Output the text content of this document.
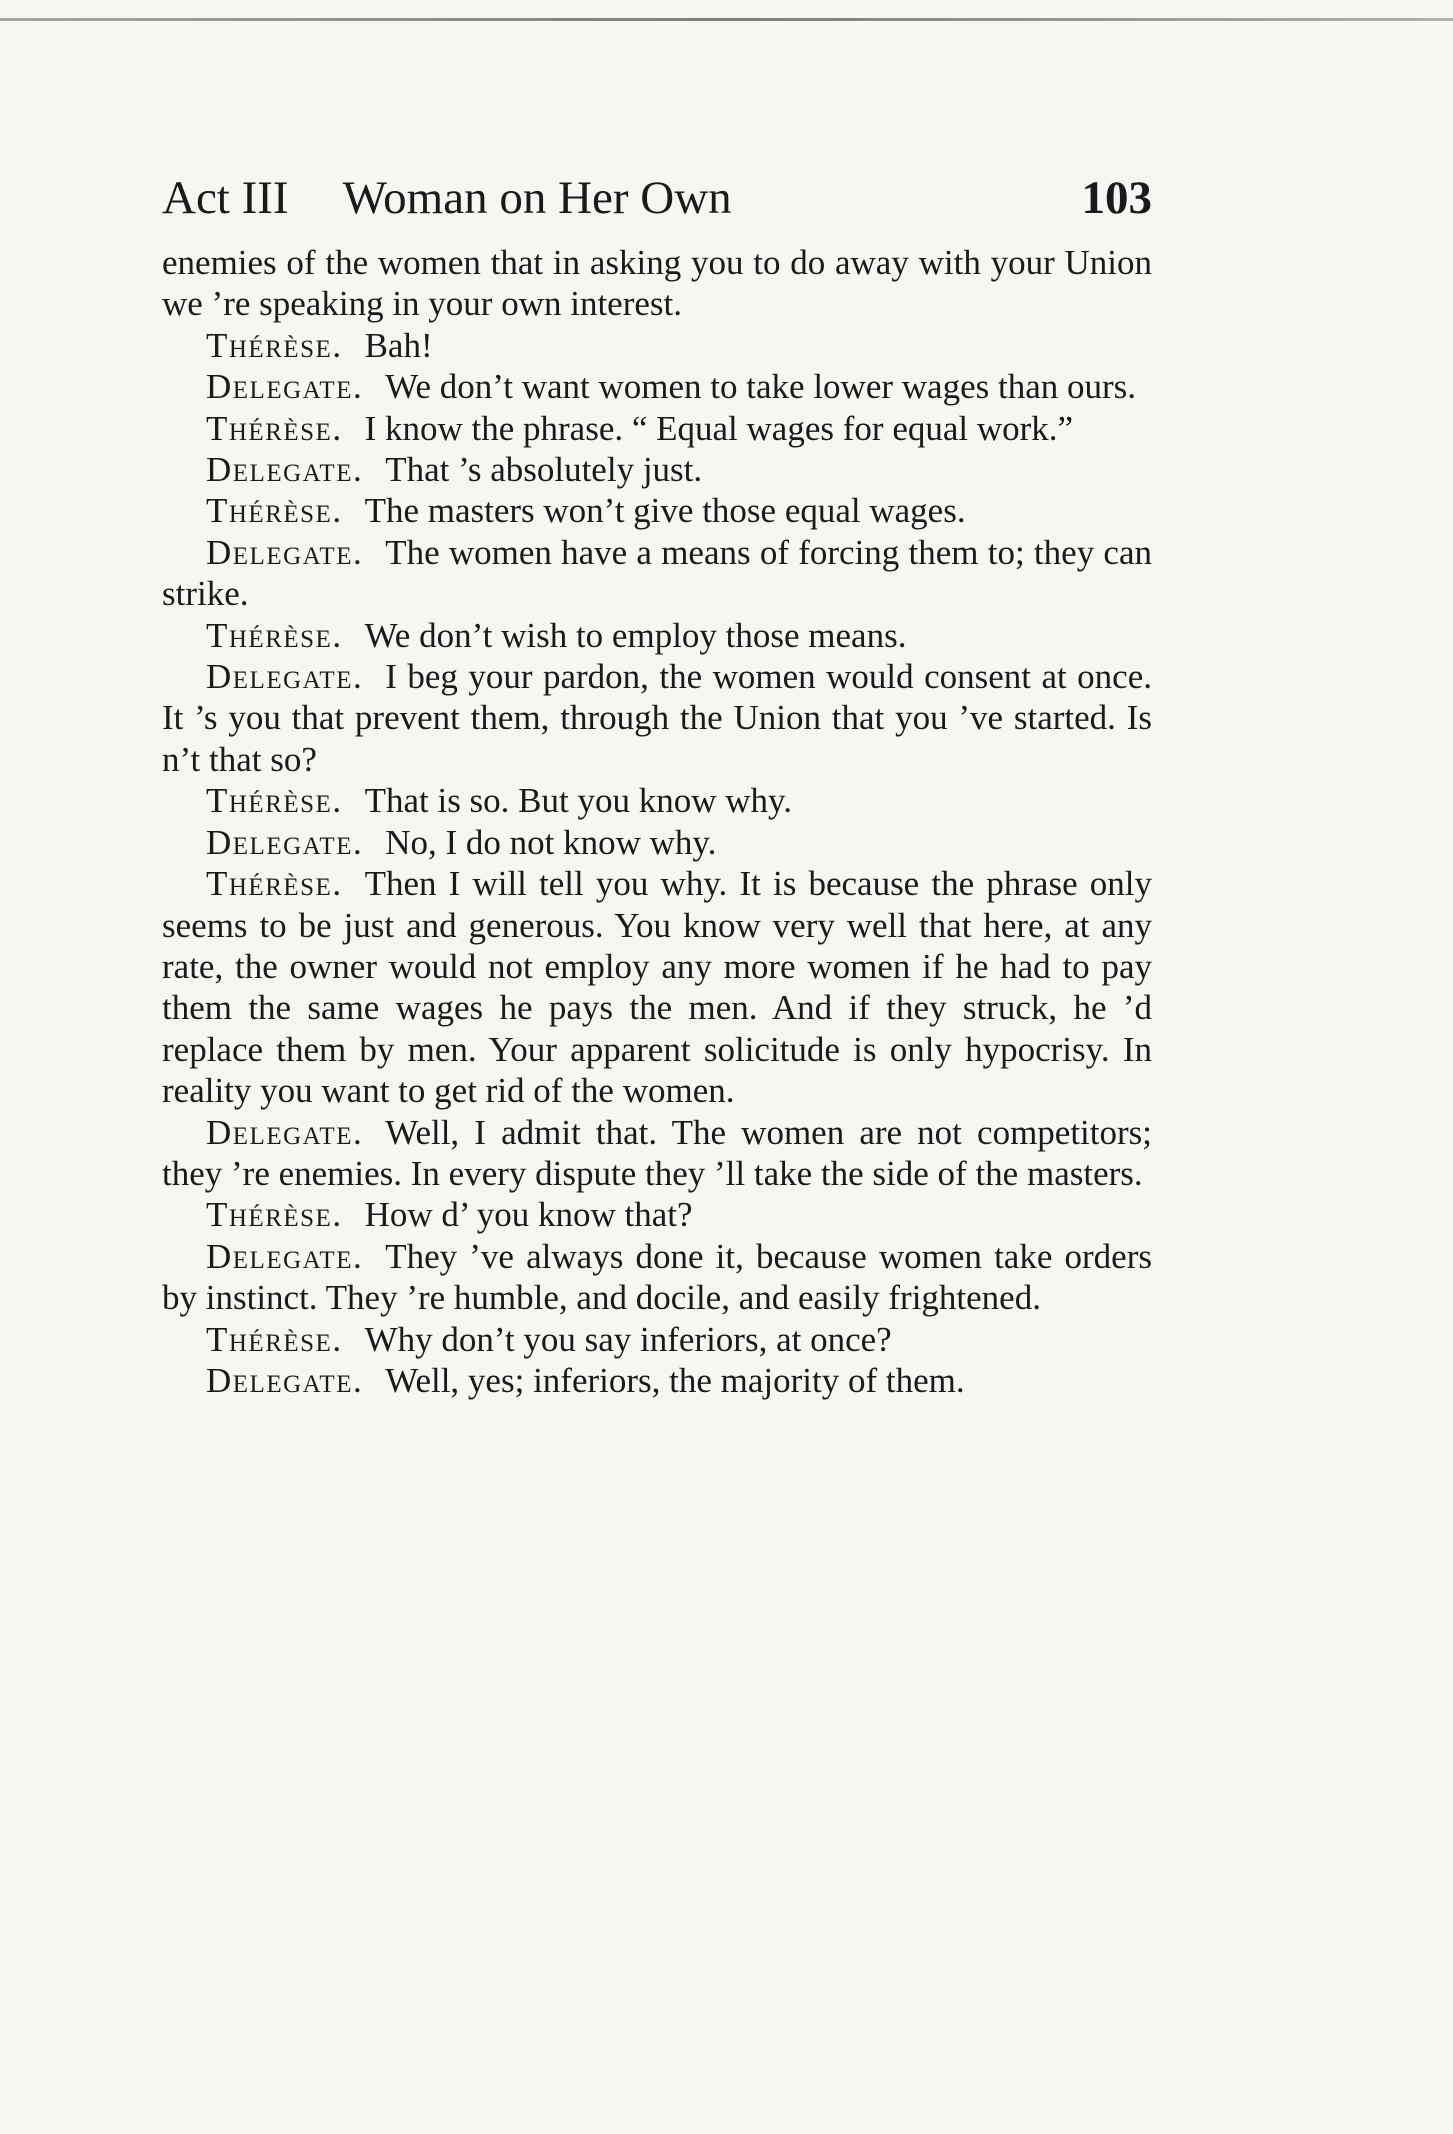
Act III Woman on Her Own	103

enemies of the women that in asking you to do away with your Union we ’re speaking in your own interest.

Thérèse. Bah!

Delegate. We don’t want women to take lower wages than ours.

Thérèse. I know the phrase. “ Equal wages for equal work.”

Delegate. That ’s absolutely just.

Thérèse. The masters won’t give those equal wages.

Delegate. The women have a means of forcing them to; they can strike.

Thérèse. We don’t wish to employ those means.

Delegate. I beg your pardon, the women would consent at once. It ’s you that prevent them, through the Union that you ’ve started. Is n’t that so?

Thérèse. That is so. But you know why.

Delegate. No, I do not know why.

Thérèse. Then I will tell you why. It is because the phrase only seems to be just and generous. You know very well that here, at any rate, the owner would not employ any more women if he had to pay them the same wages he pays the men. And if they struck, he ’d replace them by men. Your apparent solicitude is only hypocrisy. In reality you want to get rid of the women.

Delegate. Well, I admit that. The women are not competitors; they ’re enemies. In every dispute they ’ll take the side of the masters.

Thérèse. How d’ you know that?

Delegate. They ’ve always done it, because women take orders by instinct. They ’re humble, and docile, and easily frightened.

Thérèse. Why don’t you say inferiors, at once?

Delegate. Well, yes; inferiors, the majority of them.
